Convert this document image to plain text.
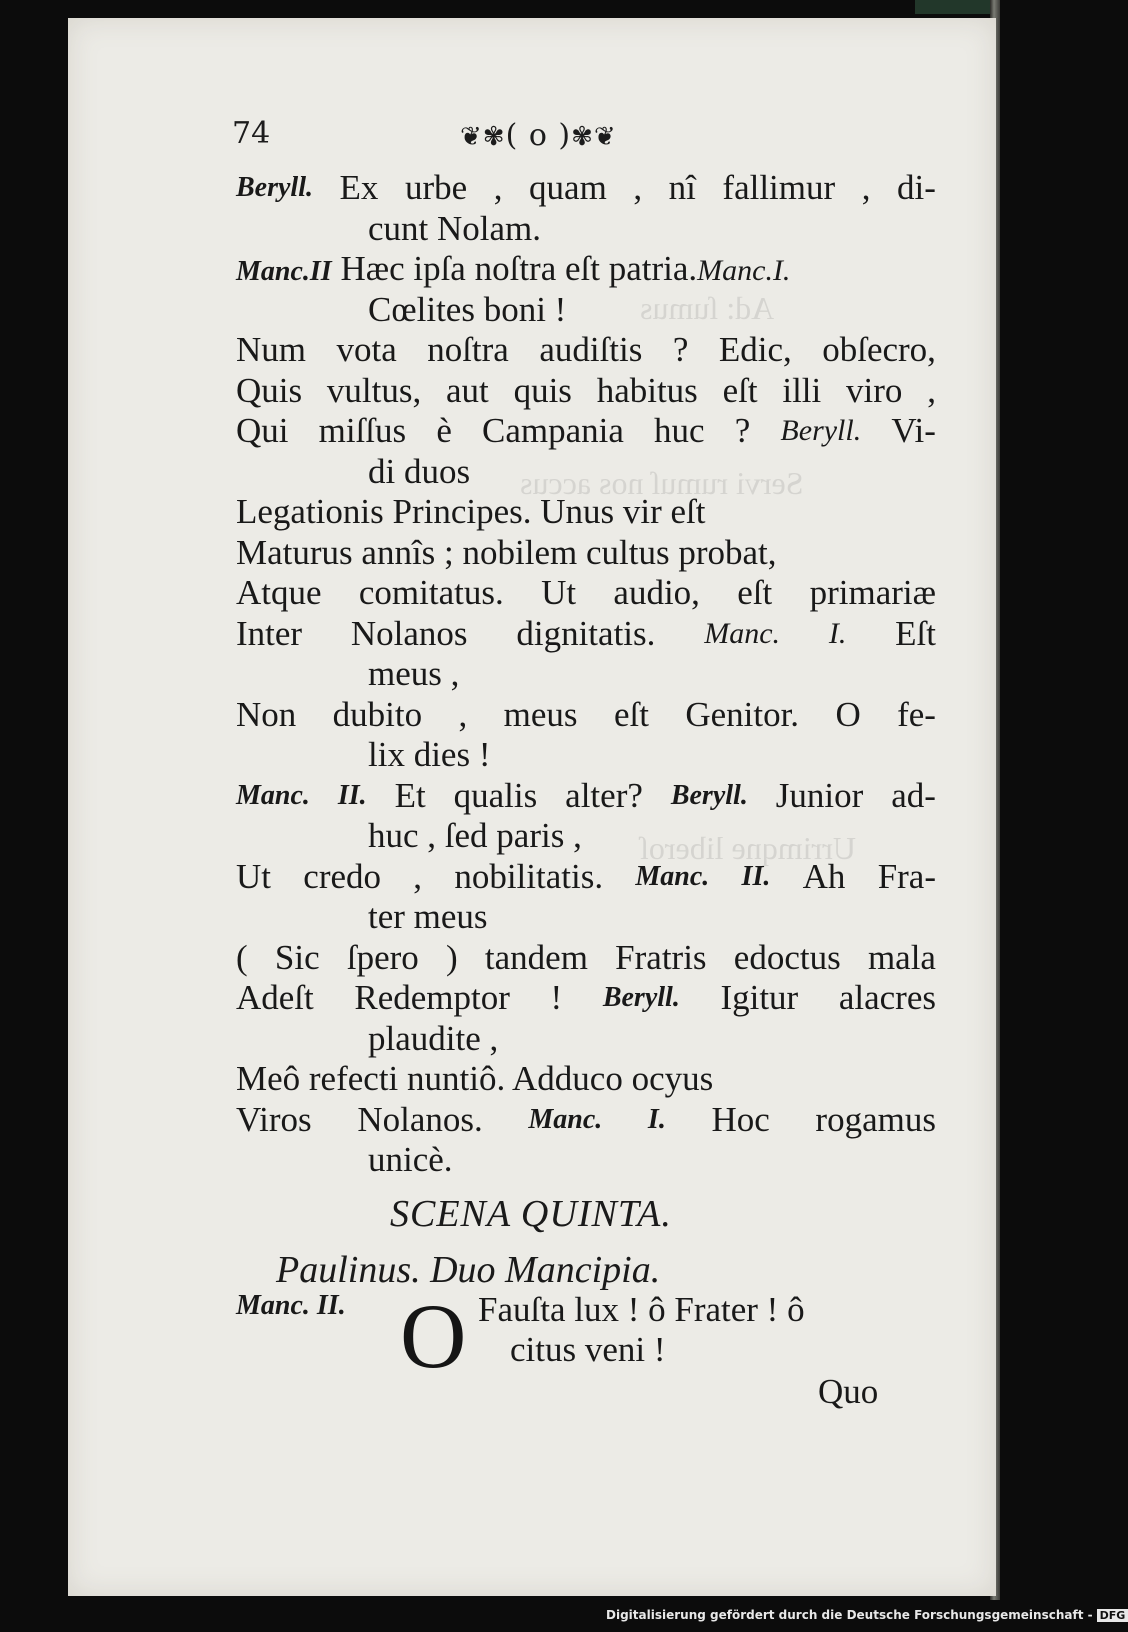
Ad: ſumus
Servi rumuſ nos accus
Urrimqne liberoſ
74	❦✾( o )✾❦
Beryll. Ex urbe , quam , nî fallimur , di-
cunt Nolam.
Manc.II Hæc ipſa noſtra eſt patria.Manc.I.
Cœlites boni !
Num vota noſtra audiſtis ? Edic, obſecro,
Quis vultus, aut quis habitus eſt illi viro ,
Qui miſſus è Campania huc ? Beryll. Vi-
di duos
Legationis Principes. Unus vir eſt
Maturus annîs ; nobilem cultus probat,
Atque comitatus. Ut audio, eſt primariæ
Inter Nolanos dignitatis. Manc. I. Eſt
meus ,
Non dubito , meus eſt Genitor. O fe-
lix dies !
Manc. II. Et qualis alter? Beryll. Junior ad-
huc , ſed paris ,
Ut credo , nobilitatis. Manc. II. Ah Fra-
ter meus
( Sic ſpero ) tandem Fratris edoctus mala
Adeſt Redemptor ! Beryll. Igitur alacres
plaudite ,
Meô refecti nuntiô. Adduco ocyus
Viros Nolanos. Manc. I. Hoc rogamus
unicè.
SCENA QUINTA.
Paulinus. Duo Mancipia.
Manc. II. O Fauſta lux ! ô Frater ! ô
citus veni !
Quo
Digitalisierung gefördert durch die Deutsche Forschungsgemeinschaft - DFG
